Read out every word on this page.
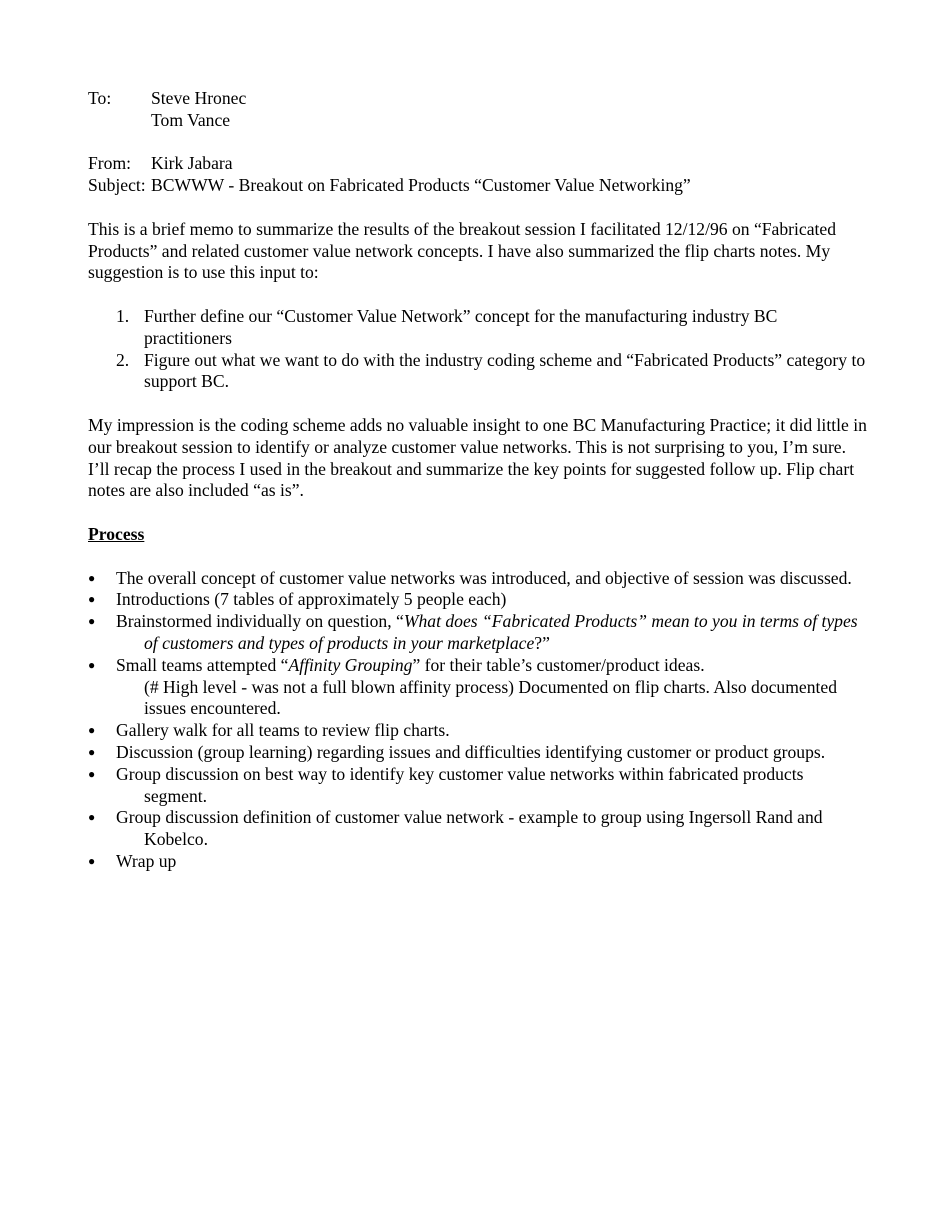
To:	Steve Hronec
Tom Vance
From:	Kirk Jabara
Subject: BCWWW - Breakout on Fabricated Products “Customer Value Networking”

This is a brief memo to summarize the results of the breakout session I facilitated 12/12/96 on “Fabricated Products” and related customer value network concepts. I have also summarized the flip charts notes. My suggestion is to use this input to:

1. Further define our “Customer Value Network” concept for the manufacturing industry BC practitioners
2. Figure out what we want to do with the industry coding scheme and “Fabricated Products” category to support BC.

My impression is the coding scheme adds no valuable insight to one BC Manufacturing Practice; it did little in our breakout session to identify or analyze customer value networks. This is not surprising to you, I’m sure. I’ll recap the process I used in the breakout and summarize the key points for suggested follow up. Flip chart notes are also included “as is”.

Process
●	The overall concept of customer value networks was introduced, and objective of session was discussed.
●	Introductions (7 tables of approximately 5 people each)
●	Brainstormed individually on question, “What does “Fabricated Products” mean to you in terms of types of customers and types of products in your marketplace?”
●	Small teams attempted “Affinity Grouping” for their table’s customer/product ideas.
(# High level - was not a full blown affinity process) Documented on flip charts. Also documented issues encountered.
●	Gallery walk for all teams to review flip charts.
●	Discussion (group learning) regarding issues and difficulties identifying customer or product groups.
●	Group discussion on best way to identify key customer value networks within fabricated products segment.
●	Group discussion definition of customer value network - example to group using Ingersoll Rand and Kobelco.
●	Wrap up
